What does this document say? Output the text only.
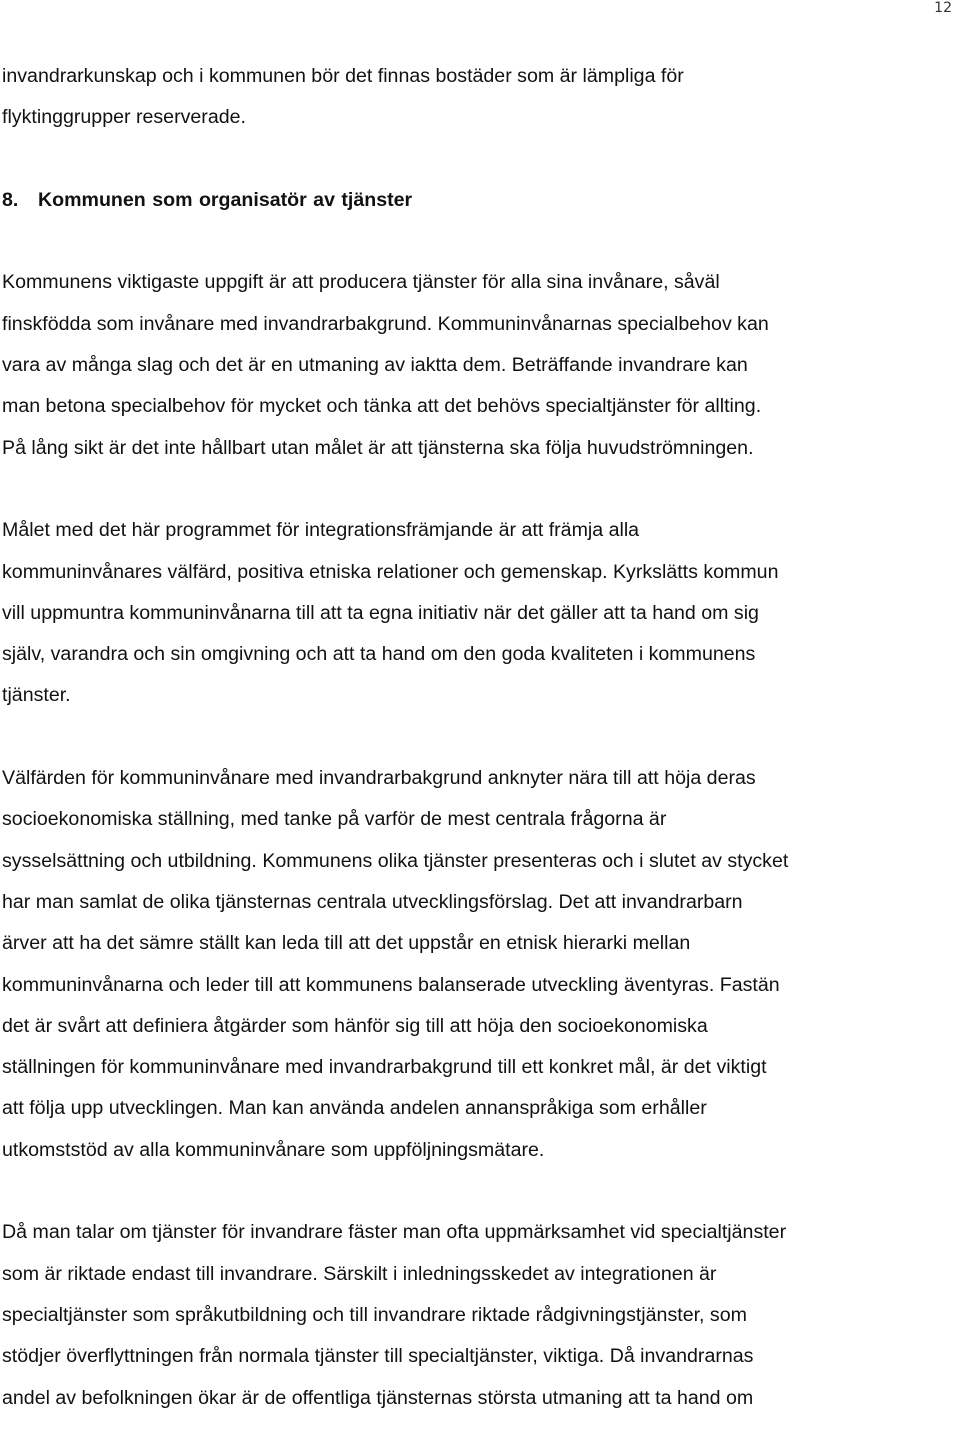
12

invandrarkunskap och i kommunen bör det finnas bostäder som är lämpliga för
flyktinggrupper reserverade.

8. Kommunen som organisatör av tjänster

Kommunens viktigaste uppgift är att producera tjänster för alla sina invånare, såväl
finskfödda som invånare med invandrarbakgrund. Kommuninvånarnas specialbehov kan
vara av många slag och det är en utmaning av iaktta dem. Beträffande invandrare kan
man betona specialbehov för mycket och tänka att det behövs specialtjänster för allting.
På lång sikt är det inte hållbart utan målet är att tjänsterna ska följa huvudströmningen.

Målet med det här programmet för integrationsfrämjande är att främja alla
kommuninvånares välfärd, positiva etniska relationer och gemenskap. Kyrkslätts kommun
vill uppmuntra kommuninvånarna till att ta egna initiativ när det gäller att ta hand om sig
själv, varandra och sin omgivning och att ta hand om den goda kvaliteten i kommunens
tjänster.

Välfärden för kommuninvånare med invandrarbakgrund anknyter nära till att höja deras
socioekonomiska ställning, med tanke på varför de mest centrala frågorna är
sysselsättning och utbildning. Kommunens olika tjänster presenteras och i slutet av stycket
har man samlat de olika tjänsternas centrala utvecklingsförslag. Det att invandrarbarn
ärver att ha det sämre ställt kan leda till att det uppstår en etnisk hierarki mellan
kommuninvånarna och leder till att kommunens balanserade utveckling äventyras. Fastän
det är svårt att definiera åtgärder som hänför sig till att höja den socioekonomiska
ställningen för kommuninvånare med invandrarbakgrund till ett konkret mål, är det viktigt
att följa upp utvecklingen. Man kan använda andelen annanspråkiga som erhåller
utkomststöd av alla kommuninvånare som uppföljningsmätare.

Då man talar om tjänster för invandrare fäster man ofta uppmärksamhet vid specialtjänster
som är riktade endast till invandrare. Särskilt i inledningsskedet av integrationen är
specialtjänster som språkutbildning och till invandrare riktade rådgivningstjänster, som
stödjer överflyttningen från normala tjänster till specialtjänster, viktiga. Då invandrarnas
andel av befolkningen ökar är de offentliga tjänsternas största utmaning att ta hand om
